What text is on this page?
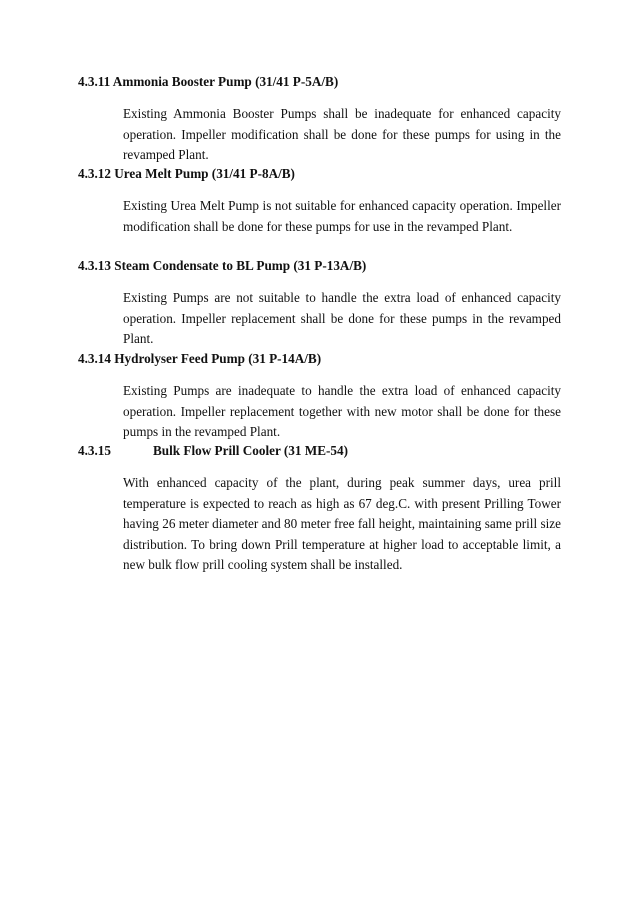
4.3.11 Ammonia Booster Pump (31/41 P-5A/B)
Existing Ammonia Booster Pumps shall be inadequate for enhanced capacity operation. Impeller modification shall be done for these pumps for using in the revamped Plant.
4.3.12 Urea Melt Pump (31/41 P-8A/B)
Existing Urea Melt Pump is not suitable for enhanced capacity operation. Impeller modification shall be done for these pumps for use in the revamped Plant.
4.3.13 Steam Condensate to BL Pump (31 P-13A/B)
Existing Pumps are not suitable to handle the extra load of enhanced capacity operation. Impeller replacement shall be done for these pumps in the revamped Plant.
4.3.14 Hydrolyser Feed Pump (31 P-14A/B)
Existing Pumps are inadequate to handle the extra load of enhanced capacity operation. Impeller replacement together with new motor shall be done for these pumps in the revamped Plant.
4.3.15	Bulk Flow Prill Cooler (31 ME-54)
With enhanced capacity of the plant, during peak summer days, urea prill temperature is expected to reach as high as 67 deg.C. with present Prilling Tower having 26 meter diameter and 80 meter free fall height, maintaining same prill size distribution. To bring down Prill temperature at higher load to acceptable limit, a new bulk flow prill cooling system shall be installed.
